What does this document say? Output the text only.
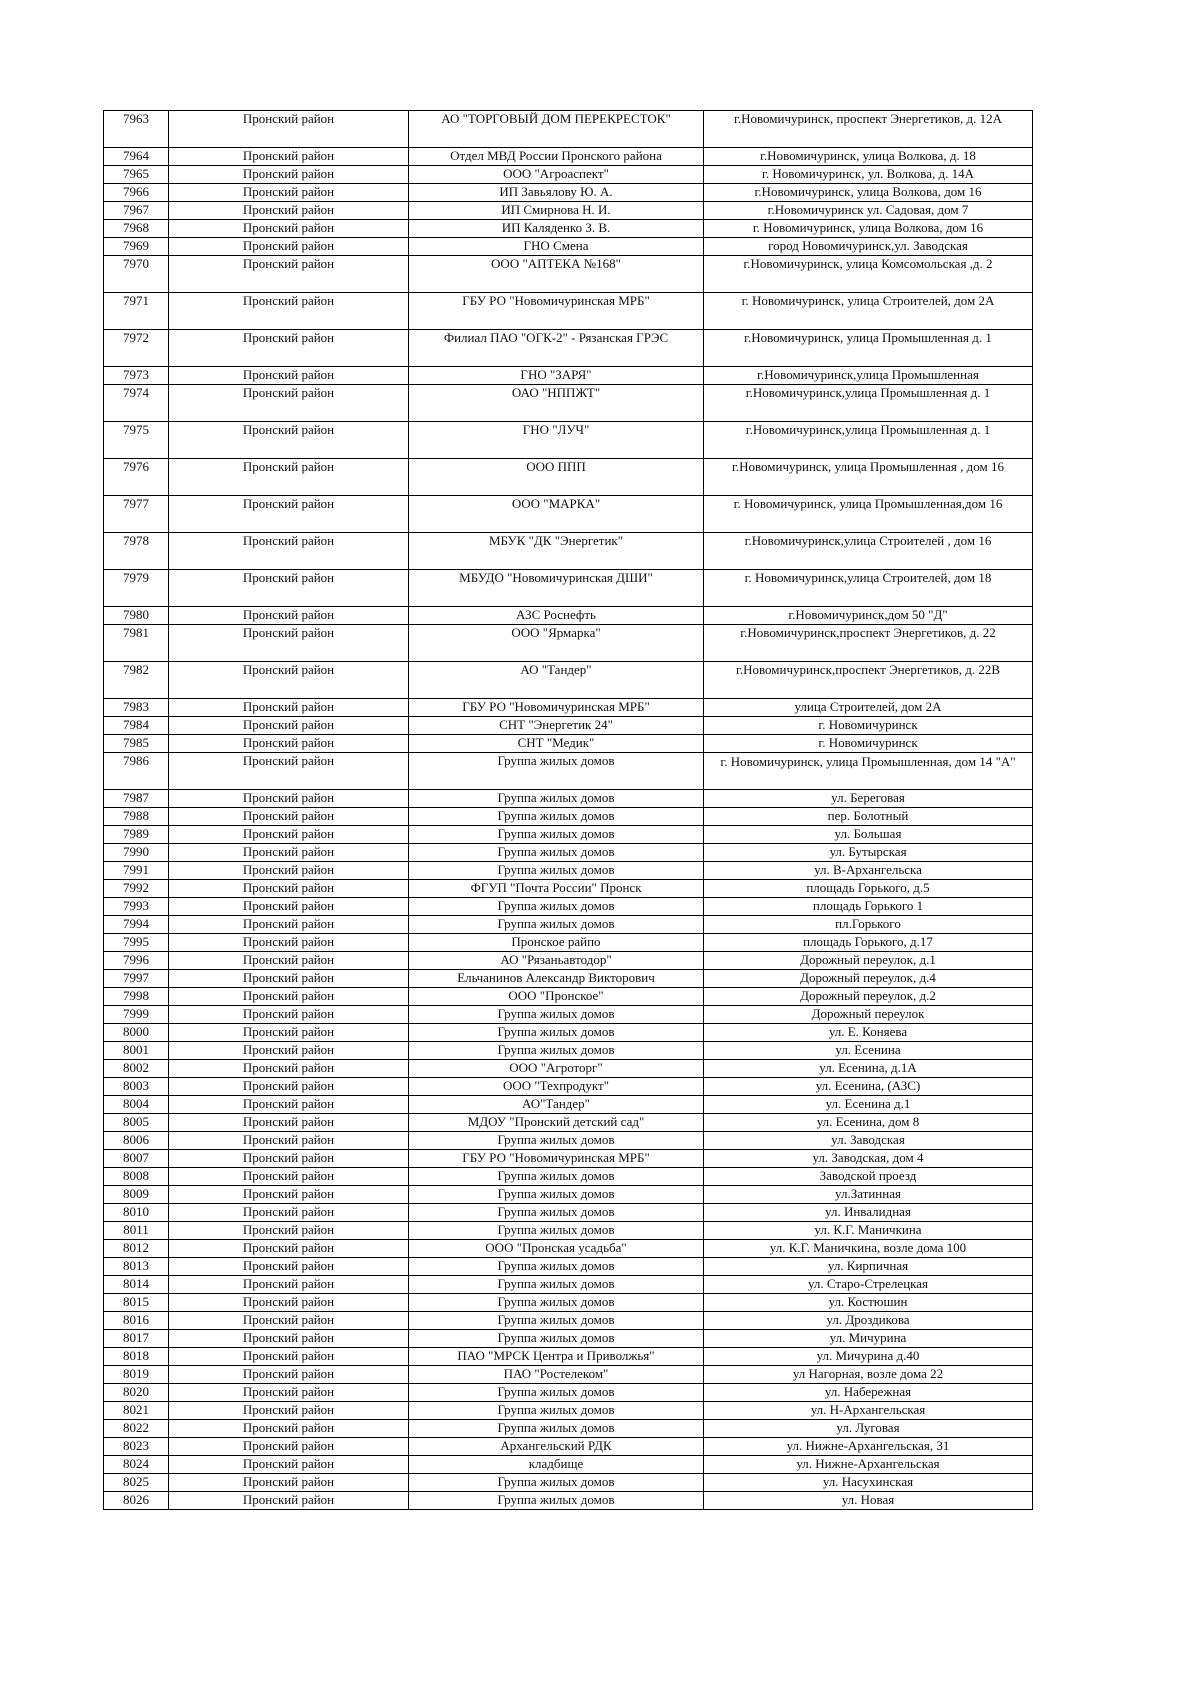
7963	Пронский район	АО "ТОРГОВЫЙ ДОМ ПЕРЕКРЕСТОК"	г.Новомичуринск, проспект Энергетиков, д. 12А
7964	Пронский район	Отдел МВД России Пронского района	г.Новомичуринск, улица Волкова, д. 18
7965	Пронский район	ООО "Агроаспект"	г. Новомичуринск, ул. Волкова, д. 14А
7966	Пронский район	ИП Завьялову Ю. А.	г.Новомичуринск, улица Волкова, дом 16
7967	Пронский район	ИП Смирнова Н. И.	г.Новомичуринск ул. Садовая, дом 7
7968	Пронский район	ИП Каляденко З. В.	г. Новомичуринск, улица Волкова, дом 16
7969	Пронский район	ГНО Смена	город Новомичуринск,ул. Заводская
7970	Пронский район	ООО "АПТЕКА №168"	г.Новомичуринск, улица Комсомольская ,д. 2
7971	Пронский район	ГБУ РО "Новомичуринская МРБ"	г. Новомичуринск, улица Строителей, дом 2А
7972	Пронский район	Филиал ПАО "ОГК-2" - Рязанская ГРЭС	г.Новомичуринск, улица Промышленная д. 1
7973	Пронский район	ГНО "ЗАРЯ"	г.Новомичуринск,улица Промышленная
7974	Пронский район	ОАО "НППЖТ"	г.Новомичуринск,улица Промышленная д. 1
7975	Пронский район	ГНО "ЛУЧ"	г.Новомичуринск,улица Промышленная д. 1
7976	Пронский район	ООО ППП	г.Новомичуринск, улица Промышленная , дом 16
7977	Пронский район	ООО "МАРКА"	г. Новомичуринск, улица Промышленная,дом 16
7978	Пронский район	МБУК "ДК "Энергетик"	г.Новомичуринск,улица Строителей , дом 16
7979	Пронский район	МБУДО "Новомичуринская ДШИ"	г. Новомичуринск,улица Строителей, дом 18
7980	Пронский район	АЗС Роснефть	г.Новомичуринск,дом 50 "Д"
7981	Пронский район	ООО "Ярмарка"	г.Новомичуринск,проспект Энергетиков, д. 22
7982	Пронский район	АО "Тандер"	г.Новомичуринск,проспект Энергетиков, д. 22В
7983	Пронский район	ГБУ РО "Новомичуринская МРБ"	улица Строителей, дом 2А
7984	Пронский район	СНТ "Энергетик 24"	г. Новомичуринск
7985	Пронский район	СНТ "Медик"	г. Новомичуринск
7986	Пронский район	Группа жилых домов	г. Новомичуринск, улица Промышленная, дом 14 "А"
7987	Пронский район	Группа жилых домов	ул. Береговая
7988	Пронский район	Группа жилых домов	пер. Болотный
7989	Пронский район	Группа жилых домов	ул. Большая
7990	Пронский район	Группа жилых домов	ул. Бутырская
7991	Пронский район	Группа жилых домов	ул. В-Архангельска
7992	Пронский район	ФГУП "Почта России" Пронск	площадь Горького, д.5
7993	Пронский район	Группа жилых домов	площадь Горького 1
7994	Пронский район	Группа жилых домов	пл.Горького
7995	Пронский район	Пронское райпо	площадь Горького, д.17
7996	Пронский район	АО "Рязаньавтодор"	Дорожный переулок, д.1
7997	Пронский район	Ельчанинов Александр Викторович	Дорожный переулок, д.4
7998	Пронский район	ООО "Пронское"	Дорожный переулок, д.2
7999	Пронский район	Группа жилых домов	Дорожный переулок
8000	Пронский район	Группа жилых домов	ул. Е. Коняева
8001	Пронский район	Группа жилых домов	ул. Есенина
8002	Пронский район	ООО "Агроторг"	ул. Есенина, д.1А
8003	Пронский район	ООО "Техпродукт"	ул. Есенина, (АЗС)
8004	Пронский район	АО"Тандер"	ул. Есенина д.1
8005	Пронский район	МДОУ "Пронский детский сад"	ул. Есенина, дом 8
8006	Пронский район	Группа жилых домов	ул. Заводская
8007	Пронский район	ГБУ РО "Новомичуринская МРБ"	ул. Заводская, дом 4
8008	Пронский район	Группа жилых домов	Заводской проезд
8009	Пронский район	Группа жилых домов	ул.Затинная
8010	Пронский район	Группа жилых домов	ул. Инвалидная
8011	Пронский район	Группа жилых домов	ул. К.Г. Маничкина
8012	Пронский район	ООО "Пронская усадьба"	ул. К.Г. Маничкина, возле дома 100
8013	Пронский район	Группа жилых домов	ул. Кирпичная
8014	Пронский район	Группа жилых домов	ул. Старо-Стрелецкая
8015	Пронский район	Группа жилых домов	ул. Костюшин
8016	Пронский район	Группа жилых домов	ул. Дроздикова
8017	Пронский район	Группа жилых домов	ул. Мичурина
8018	Пронский район	ПАО "МРСК Центра и Приволжья"	ул. Мичурина д.40
8019	Пронский район	ПАО "Ростелеком"	ул Нагорная, возле дома 22
8020	Пронский район	Группа жилых домов	ул. Набережная
8021	Пронский район	Группа жилых домов	ул. Н-Архангельская
8022	Пронский район	Группа жилых домов	ул. Луговая
8023	Пронский район	Архангельский РДК	ул. Нижне-Архангельская, 31
8024	Пронский район	кладбище	ул. Нижне-Архангельская
8025	Пронский район	Группа жилых домов	ул. Насухинская
8026	Пронский район	Группа жилых домов	ул. Новая
